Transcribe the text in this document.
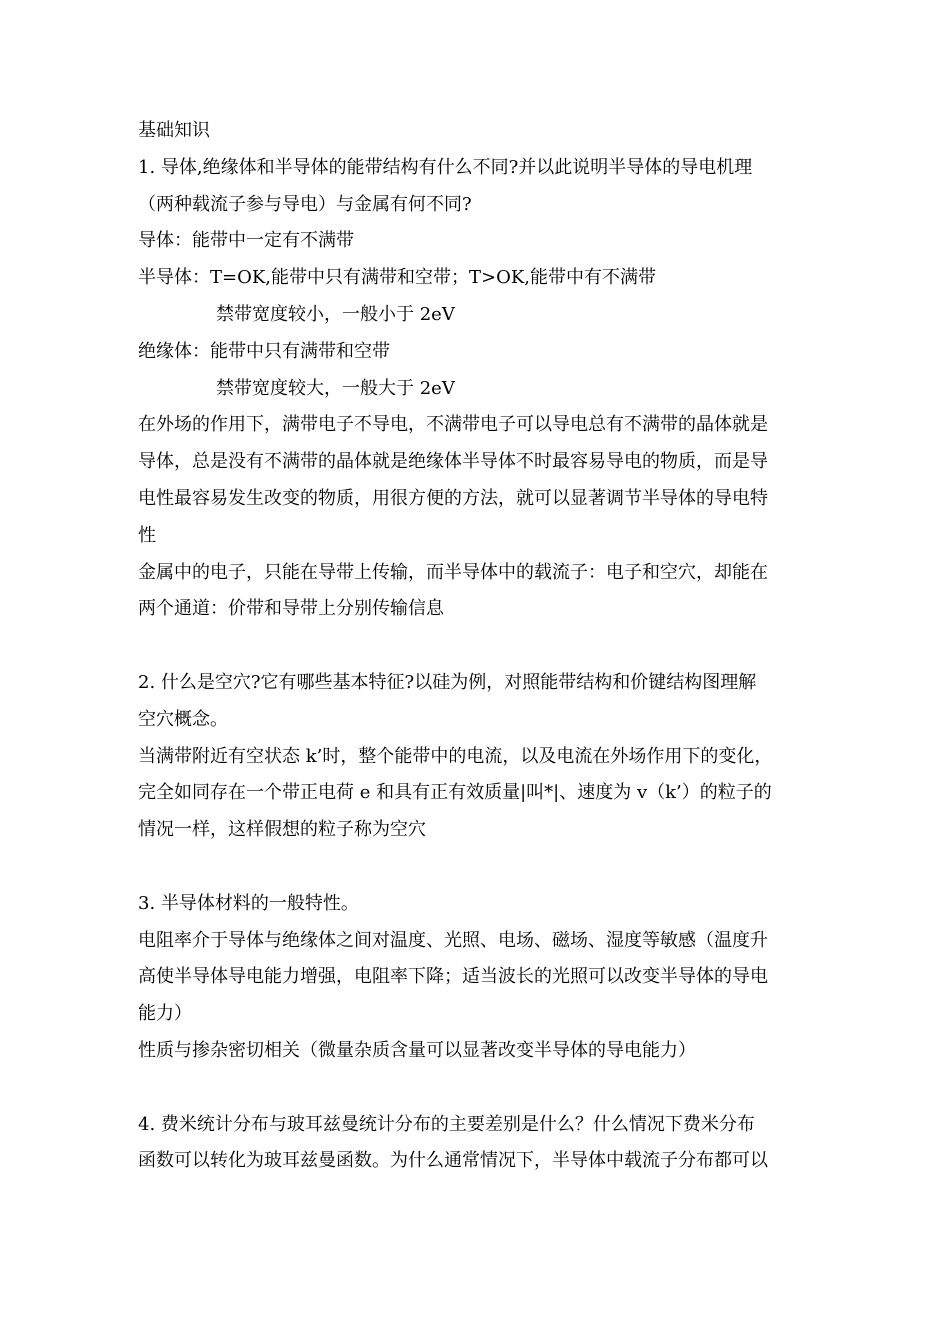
基础知识
1. 导体,绝缘体和半导体的能带结构有什么不同?并以此说明半导体的导电机理
（两种载流子参与导电）与金属有何不同?
导体：能带中一定有不满带
半导体：T=OK,能带中只有满带和空带；T>OK,能带中有不满带
禁带宽度较小，一般小于 2eV
绝缘体：能带中只有满带和空带
禁带宽度较大，一般大于 2eV
在外场的作用下，满带电子不导电，不满带电子可以导电总有不满带的晶体就是
导体，总是没有不满带的晶体就是绝缘体半导体不时最容易导电的物质，而是导
电性最容易发生改变的物质，用很方便的方法，就可以显著调节半导体的导电特
性
金属中的电子，只能在导带上传输，而半导体中的载流子：电子和空穴，却能在
两个通道：价带和导带上分别传输信息
2. 什么是空穴?它有哪些基本特征?以硅为例，对照能带结构和价键结构图理解
空穴概念。
当满带附近有空状态 k’时，整个能带中的电流，以及电流在外场作用下的变化，
完全如同存在一个带正电荷 e 和具有正有效质量|叫*|、速度为 v（k’）的粒子的
情况一样，这样假想的粒子称为空穴
3. 半导体材料的一般特性。
电阻率介于导体与绝缘体之间对温度、光照、电场、磁场、湿度等敏感（温度升
高使半导体导电能力增强，电阻率下降；适当波长的光照可以改变半导体的导电
能力）
性质与掺杂密切相关（微量杂质含量可以显著改变半导体的导电能力）
4. 费米统计分布与玻耳兹曼统计分布的主要差别是什么？什么情况下费米分布
函数可以转化为玻耳兹曼函数。为什么通常情况下，半导体中载流子分布都可以
